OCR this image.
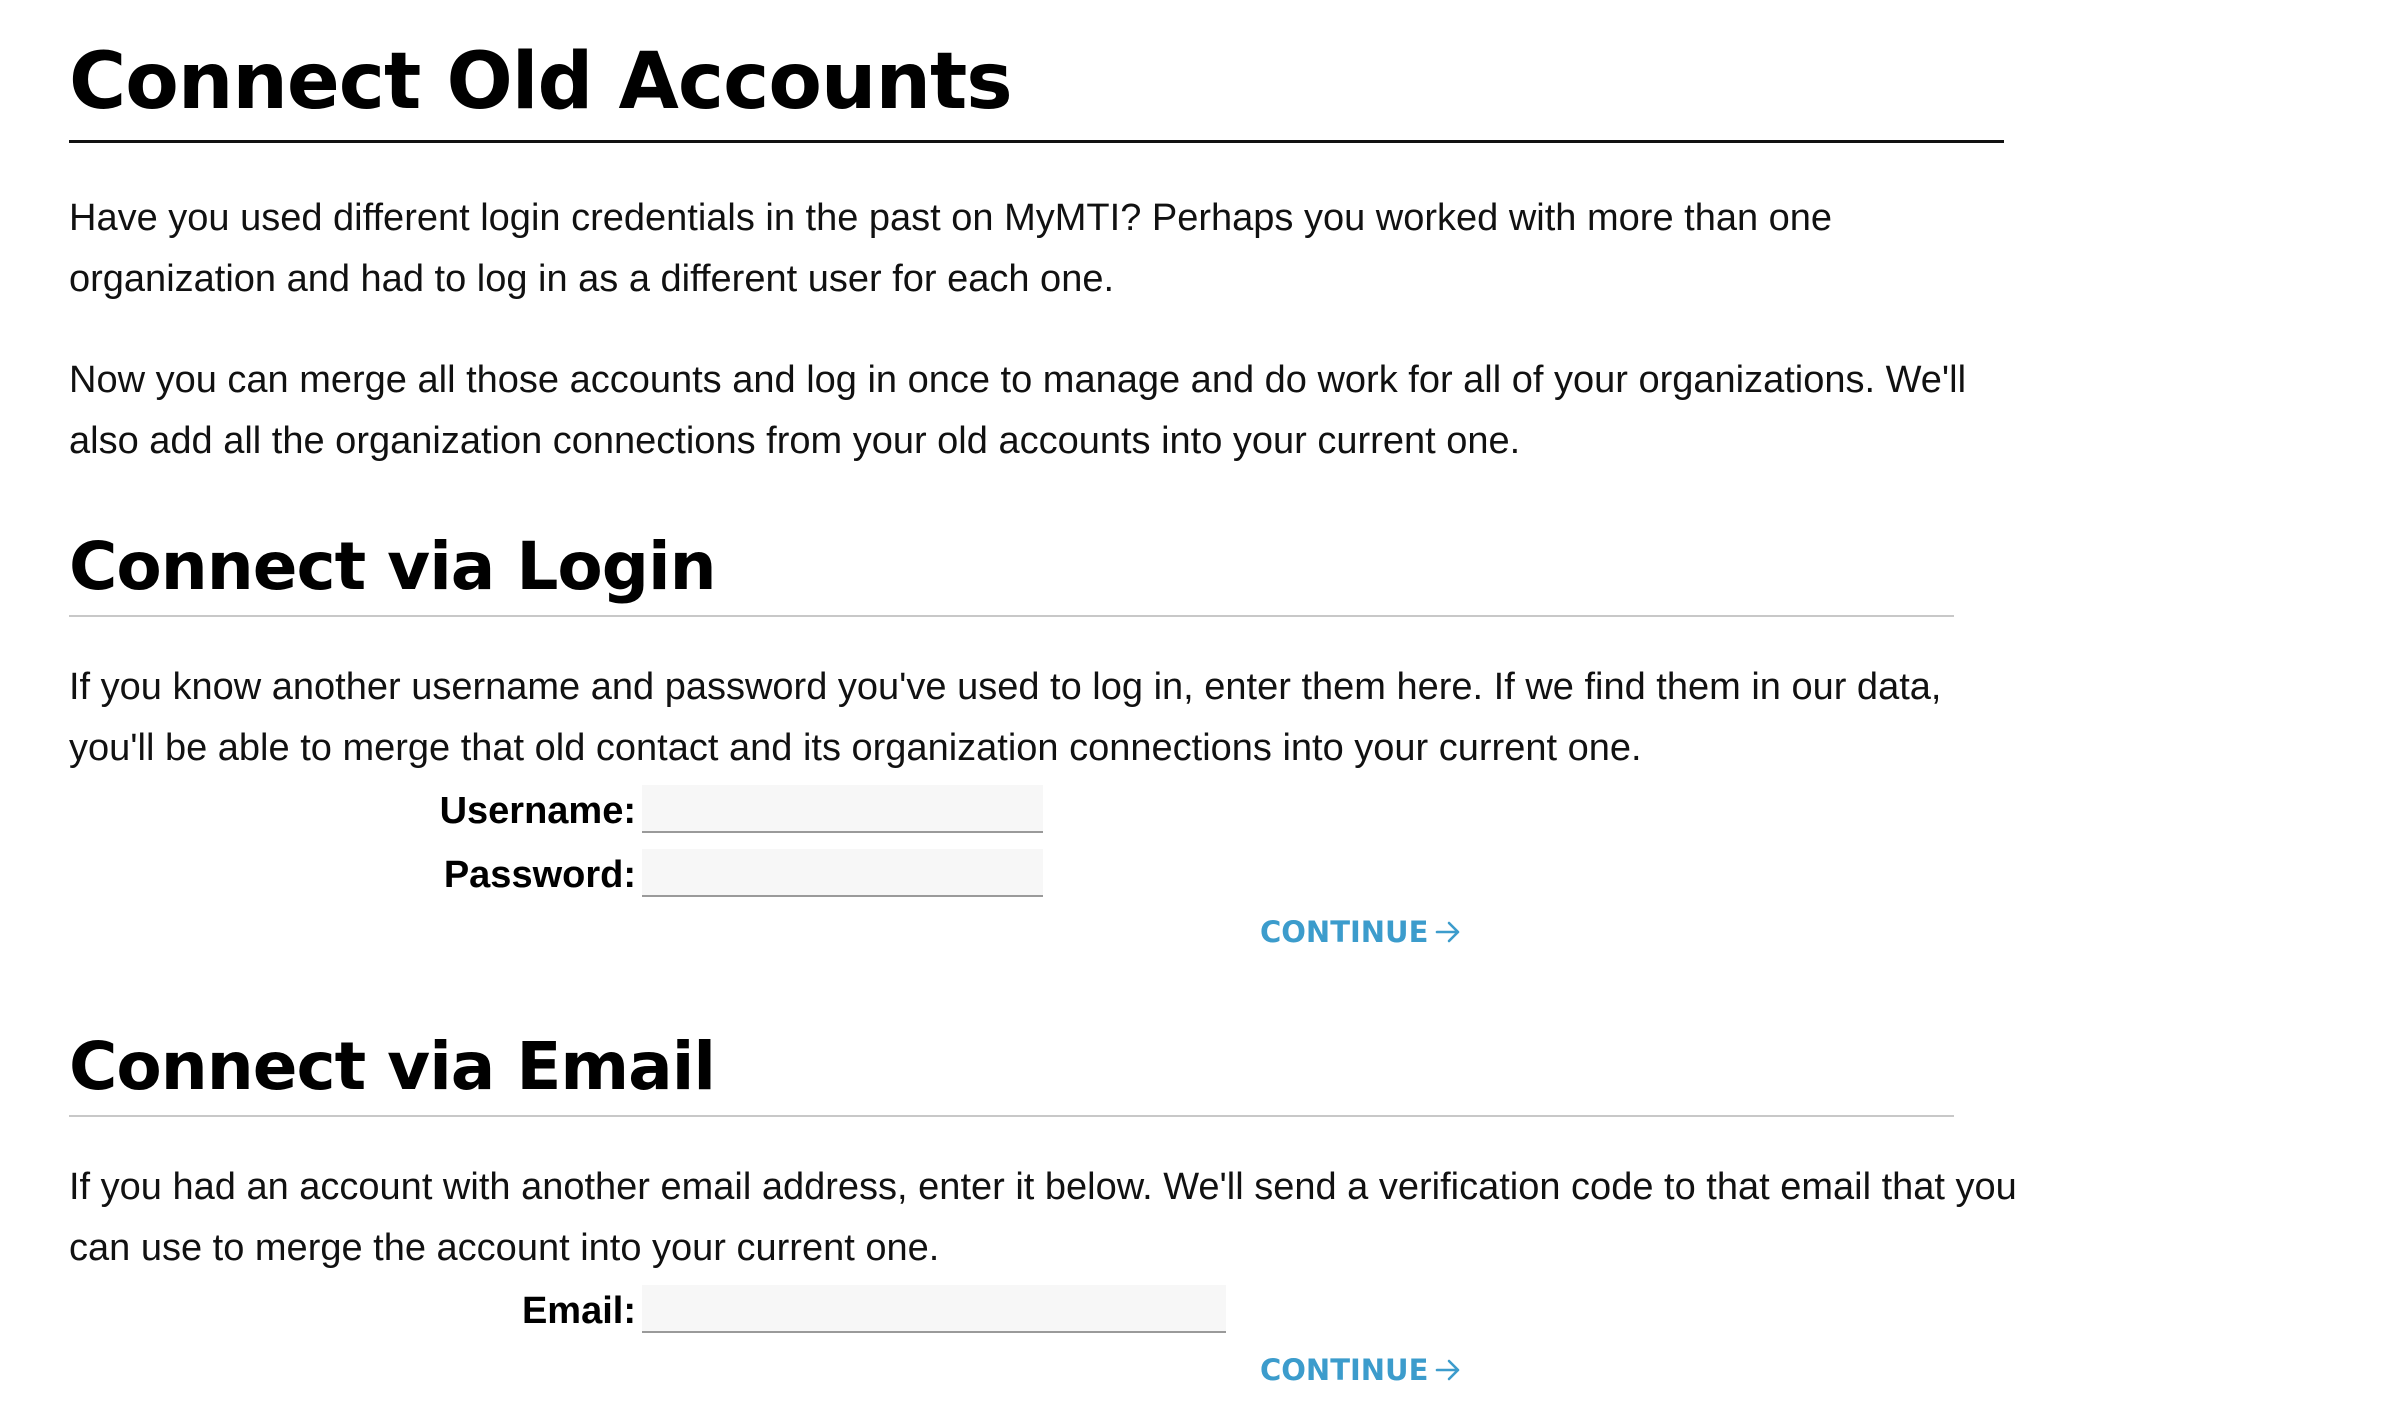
Connect Old Accounts

Have you used different login credentials in the past on MyMTI? Perhaps you worked with more than one organization and had to log in as a different user for each one.

Now you can merge all those accounts and log in once to manage and do work for all of your organizations. We'll also add all the organization connections from your old accounts into your current one.

Connect via Login

If you know another username and password you've used to log in, enter them here. If we find them in our data, you'll be able to merge that old contact and its organization connections into your current one.

Username:
Password:
CONTINUE
Connect via Email

If you had an account with another email address, enter it below. We'll send a verification code to that email that you can use to merge the account into your current one.

Email:
CONTINUE
